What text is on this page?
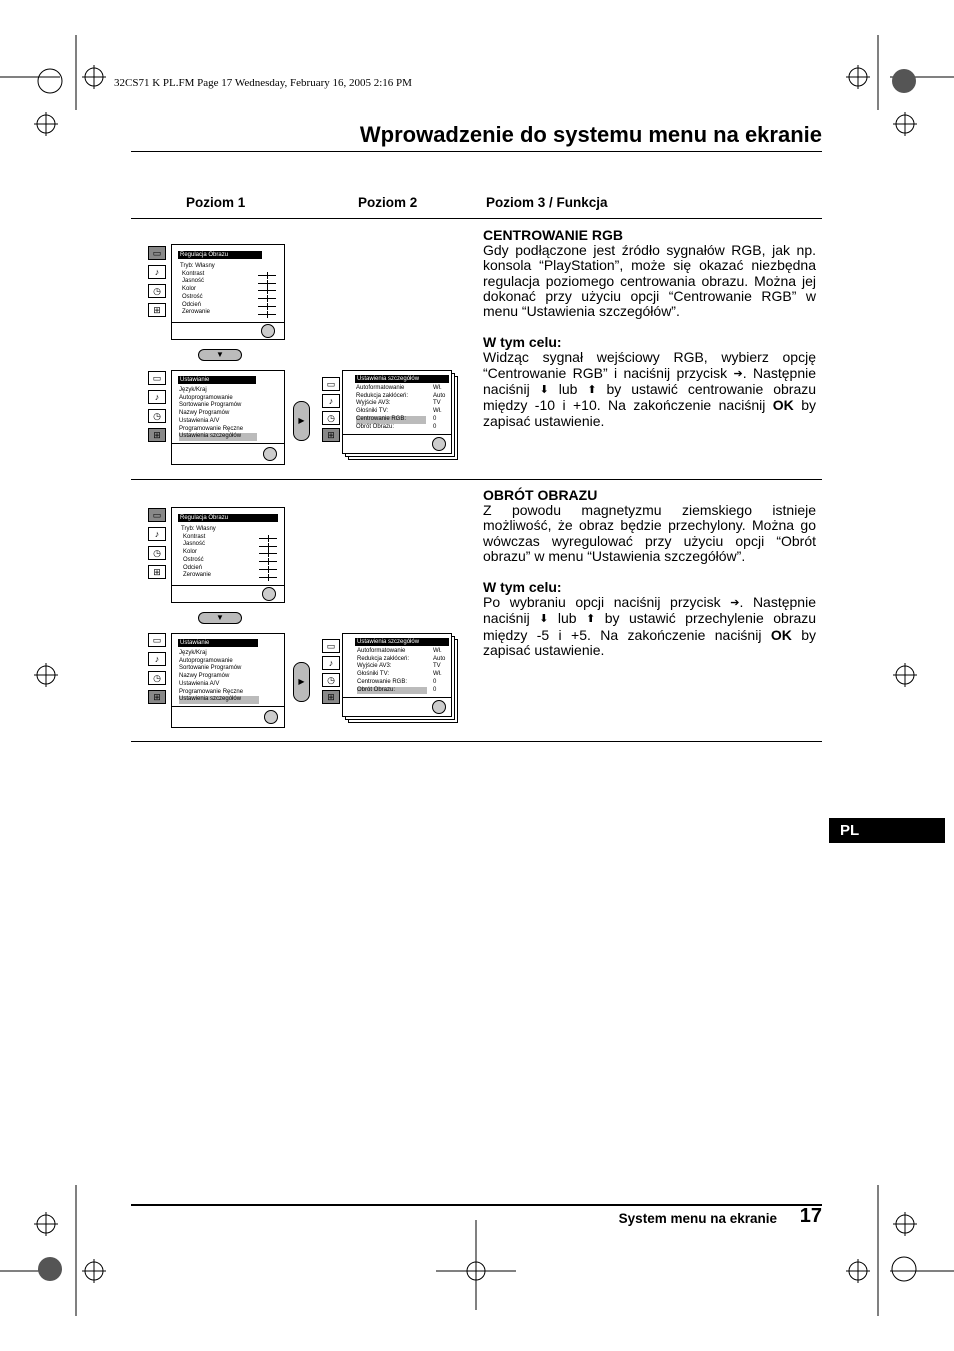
32CS71 K PL.FM Page 17 Wednesday, February 16, 2005 2:16 PM
Wprowadzenie do systemu menu na ekranie
Poziom 1	Poziom 2	Poziom 3 / Funkcja
CENTROWANIE RGB
Gdy podłączone jest źródło sygnałów RGB, jak np. konsola “PlayStation”, może się okazać niezbędna regulacja poziomego centrowania obrazu. Można jej dokonać przy użyciu opcji “Centrowanie RGB” w menu “Ustawienia szczegółów”.
W tym celu:
Widząc sygnał wejściowy RGB, wybierz opcję “Centrowanie RGB” i naciśnij przycisk ➔. Następnie naciśnij ⬇ lub ⬆ by ustawić centrowanie obrazu między -10 i +10. Na zakończenie naciśnij OK by zapisać ustawienie.
OBRÓT OBRAZU
Z powodu magnetyzmu ziemskiego istnieje możliwość, że obraz będzie przechylony. Można go wówczas wyregulować przy użyciu opcji “Obrót obrazu” w menu “Ustawienia szczegółów”.
W tym celu:
Po wybraniu opcji naciśnij przycisk ➔. Następnie naciśnij ⬇ lub ⬆ by ustawić przechylenie obrazu między -5 i +5. Na zakończenie naciśnij OK by zapisać ustawienie.
▭
♪
◷
⊞
Regulacja Obrazu
Tryb: Własny
Kontrast
Jasność
Kolor
Ostrość
Odcień
Zerowanie
▼
▭
♪
◷
⊞
Ustawianie
Język/Kraj
Autoprogramowanie
Sortowanie Programów
Nazwy Programów
Ustawienia A/V
Programowanie Ręczne
Ustawienia szczegółów
▶
▭
♪
◷
⊞
Ustawienia szczegółów
Autoformatowanie
Redukcja zakłóceń:
Wyjście AV3:
Głośniki TV:
Centrowanie RGB:
Obrót Obrazu:
Wł.
Auto
TV
Wł.
0
0
▭
♪
◷
⊞
Regulacja Obrazu
Tryb: Własny
Kontrast
Jasność
Kolor
Ostrość
Odcień
Zerowanie
▼
▭
♪
◷
⊞
Ustawianie
Język/Kraj
Autoprogramowanie
Sortowanie Programów
Nazwy Programów
Ustawienia A/V
Programowanie Ręczne
Ustawienia szczegółów
▶
▭
♪
◷
⊞
Ustawienia szczegółów
Autoformatowanie
Redukcja zakłóceń:
Wyjście AV3:
Głośniki TV:
Centrowanie RGB:
Obrót Obrazu:
Wł.
Auto
TV
Wł.
0
0
PL
System menu na ekranie 17
